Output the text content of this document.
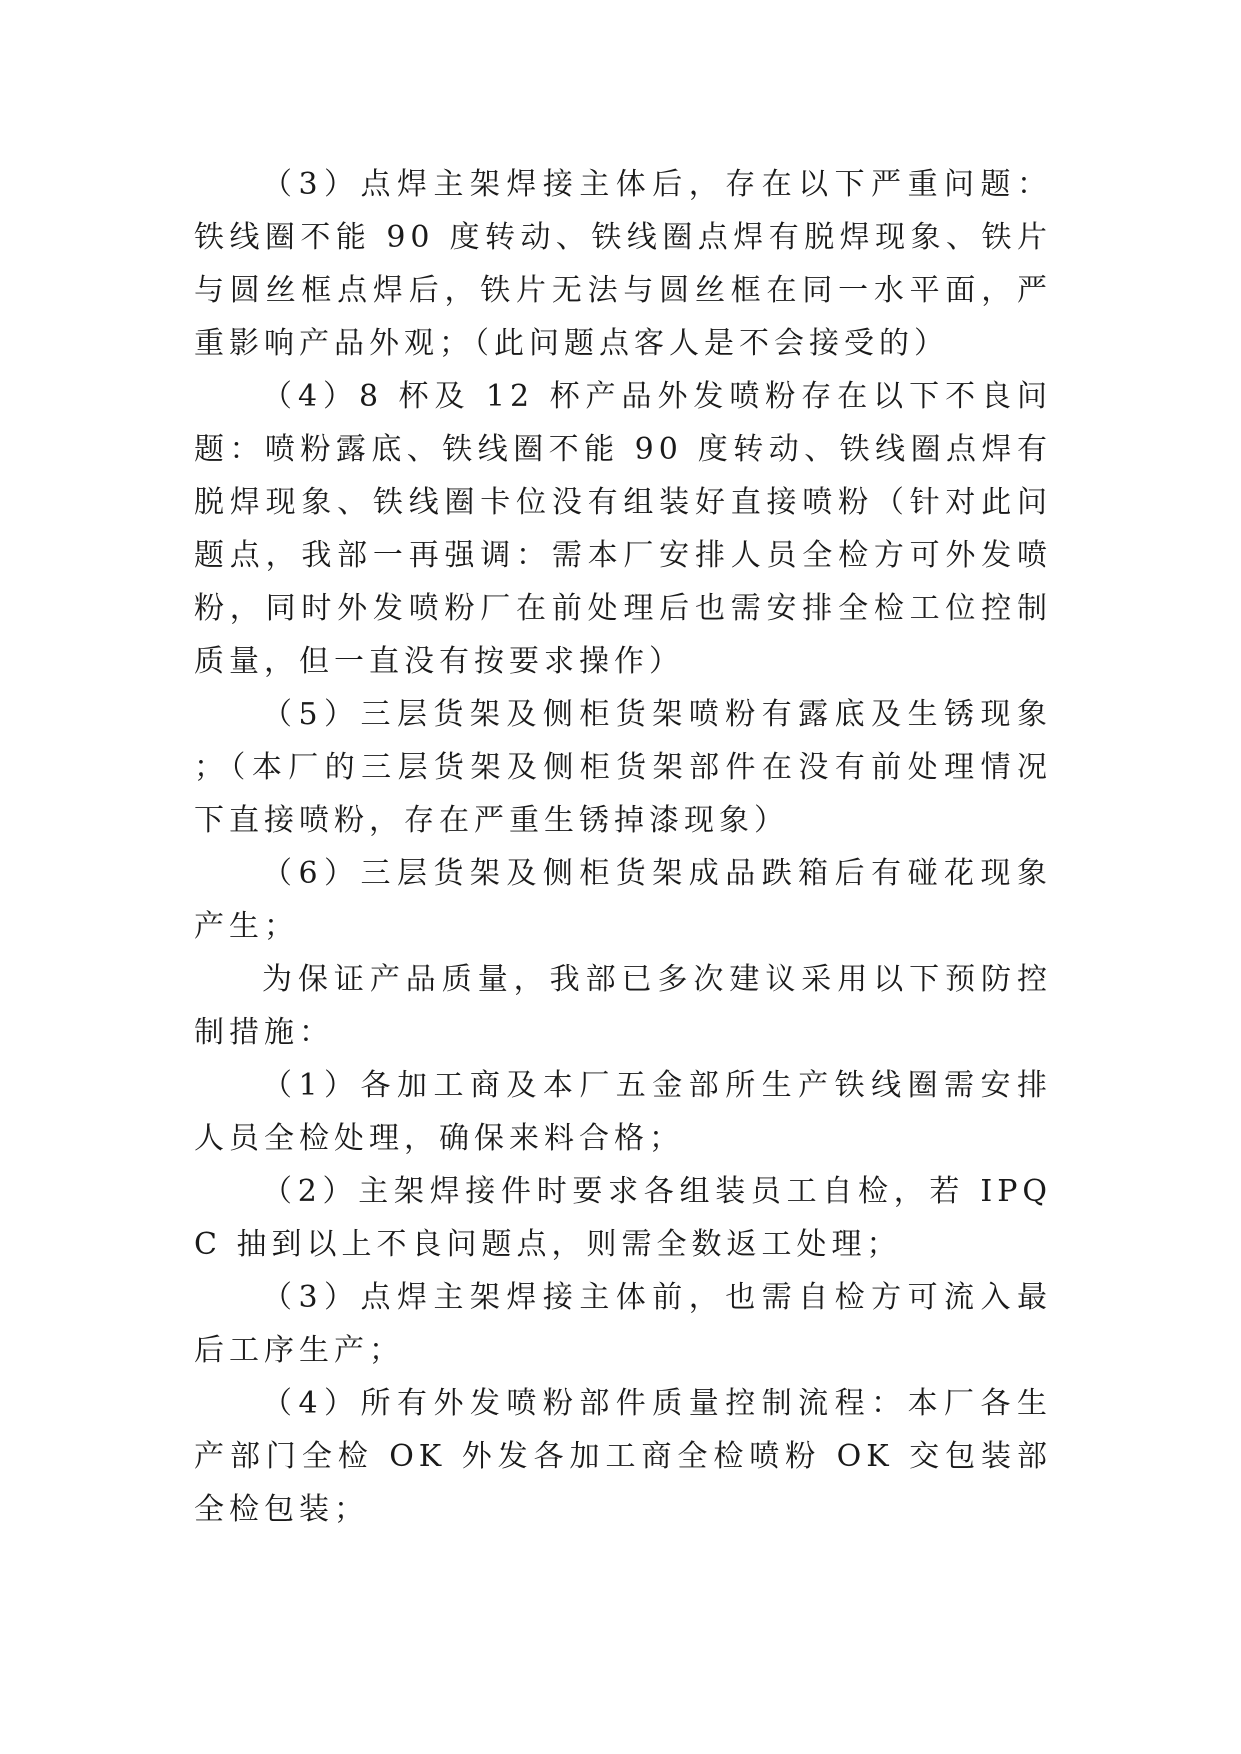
（3）点焊主架焊接主体后，存在以下严重问题：铁线圈不能 90 度转动、铁线圈点焊有脱焊现象、铁片与圆丝框点焊后，铁片无法与圆丝框在同一水平面，严重影响产品外观；（此问题点客人是不会接受的）

（4）8 杯及 12 杯产品外发喷粉存在以下不良问题：喷粉露底、铁线圈不能 90 度转动、铁线圈点焊有脱焊现象、铁线圈卡位没有组装好直接喷粉（针对此问题点，我部一再强调：需本厂安排人员全检方可外发喷粉，同时外发喷粉厂在前处理后也需安排全检工位控制质量，但一直没有按要求操作）

（5）三层货架及侧柜货架喷粉有露底及生锈现象；（本厂的三层货架及侧柜货架部件在没有前处理情况下直接喷粉，存在严重生锈掉漆现象）

（6）三层货架及侧柜货架成品跌箱后有碰花现象产生；

为保证产品质量，我部已多次建议采用以下预防控制措施：

（1）各加工商及本厂五金部所生产铁线圈需安排人员全检处理，确保来料合格；

（2）主架焊接件时要求各组装员工自检，若 IPQC 抽到以上不良问题点，则需全数返工处理；

（3）点焊主架焊接主体前，也需自检方可流入最后工序生产；

（4）所有外发喷粉部件质量控制流程：本厂各生产部门全检 OK 外发各加工商全检喷粉 OK 交包装部全检包装；
